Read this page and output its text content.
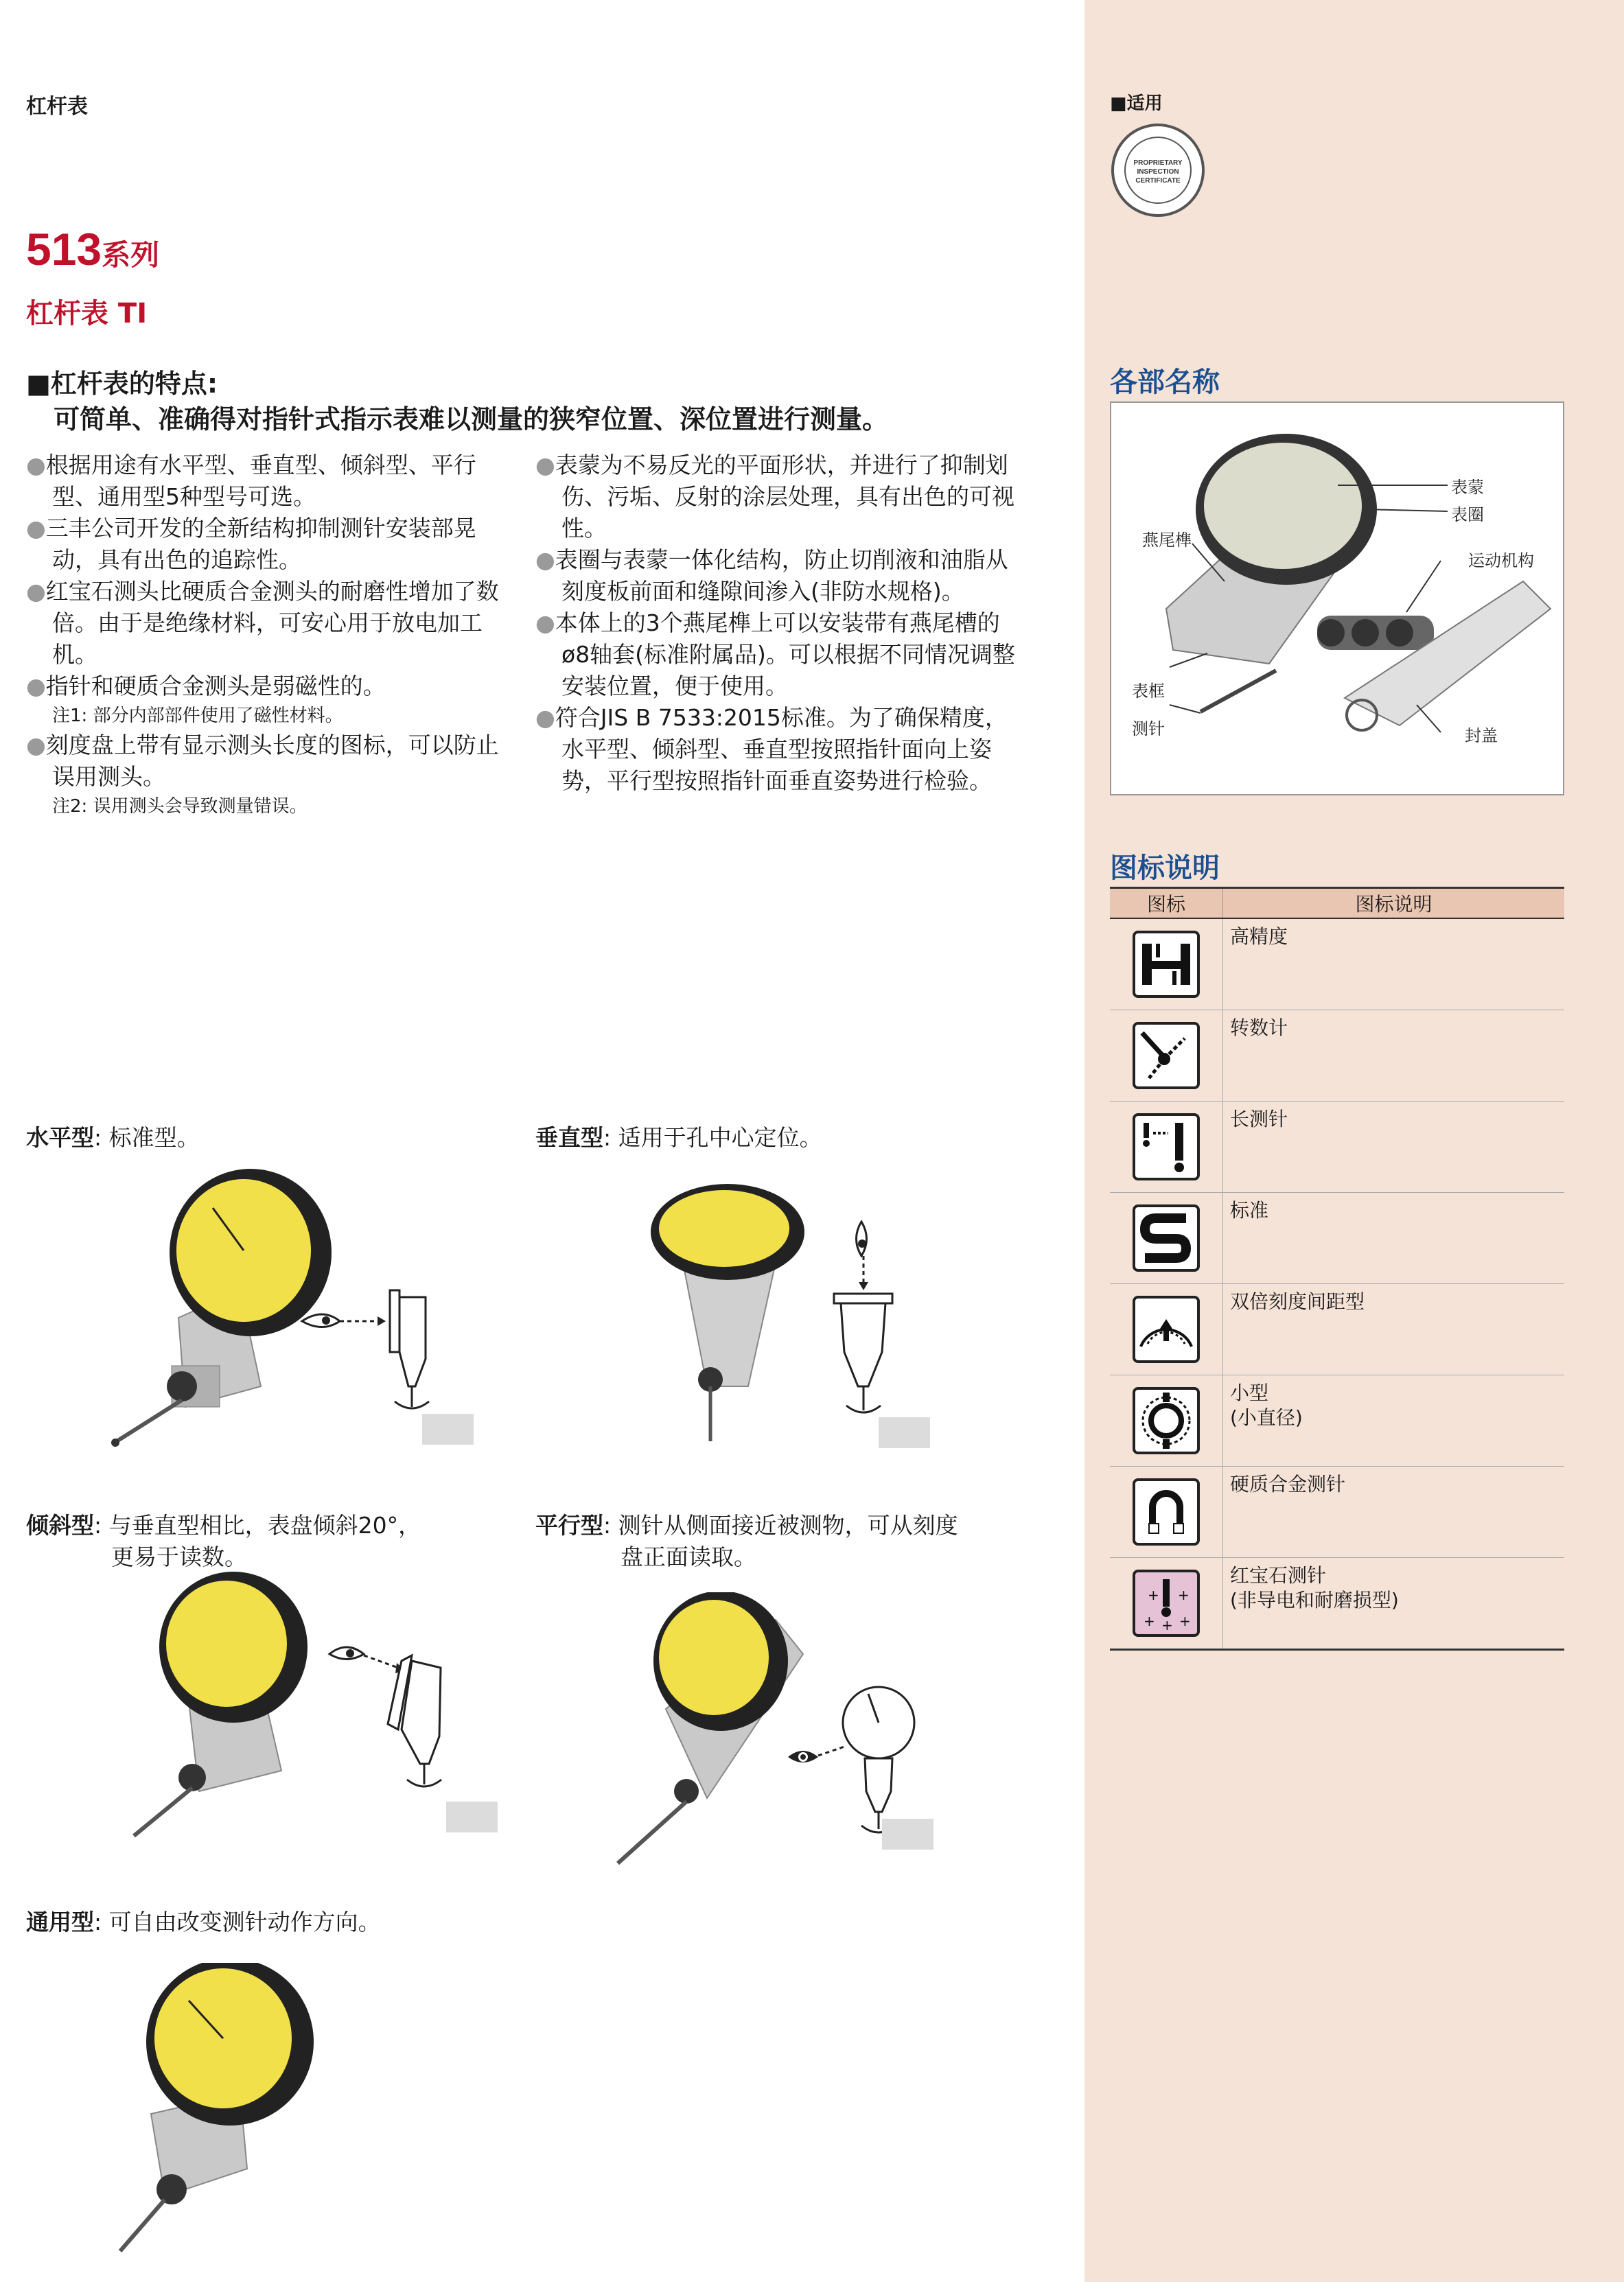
杠杆表
513系列
杠杆表 TI
■杠杆表的特点:
可简单、准确得对指针式指示表难以测量的狭窄位置、深位置进行测量。

●根据用途有水平型、垂直型、倾斜型、平行型、通用型5种型号可选。

●三丰公司开发的全新结构抑制测针安装部晃动，具有出色的追踪性。

●红宝石测头比硬质合金测头的耐磨性增加了数倍。由于是绝缘材料，可安心用于放电加工机。

●指针和硬质合金测头是弱磁性的。

注1: 部分内部部件使用了磁性材料。

●刻度盘上带有显示测头长度的图标，可以防止误用测头。

注2: 误用测头会导致测量错误。

●表蒙为不易反光的平面形状，并进行了抑制划伤、污垢、反射的涂层处理，具有出色的可视性。

●表圈与表蒙一体化结构，防止切削液和油脂从刻度板前面和缝隙间渗入(非防水规格)。

●本体上的3个燕尾榫上可以安装带有燕尾槽的ø8轴套(标准附属品)。可以根据不同情况调整安装位置，便于使用。

●符合JIS B 7533:2015标准。为了确保精度，水平型、倾斜型、垂直型按照指针面向上姿势，平行型按照指针面垂直姿势进行检验。

水平型: 标准型。	垂直型: 适用于孔中心定位。
倾斜型: 与垂直型相比，表盘倾斜20°，
更易于读数。
平行型: 测针从侧面接近被测物，可从刻度
盘正面读取。
通用型: 可自由改变测针动作方向。
■适用
PROPRIETARY
INSPECTION
CERTIFICATE
各部名称
表蒙
表圈
燕尾榫
运动机构
表框
测针	封盖
图标说明
图标	图标说明

	高精度

	转数计

	长测针

	标准

	双倍刻度间距型

	小型
(小直径)

	硬质合金测针

+ +
+ + +	红宝石测针
(非导电和耐磨损型)
